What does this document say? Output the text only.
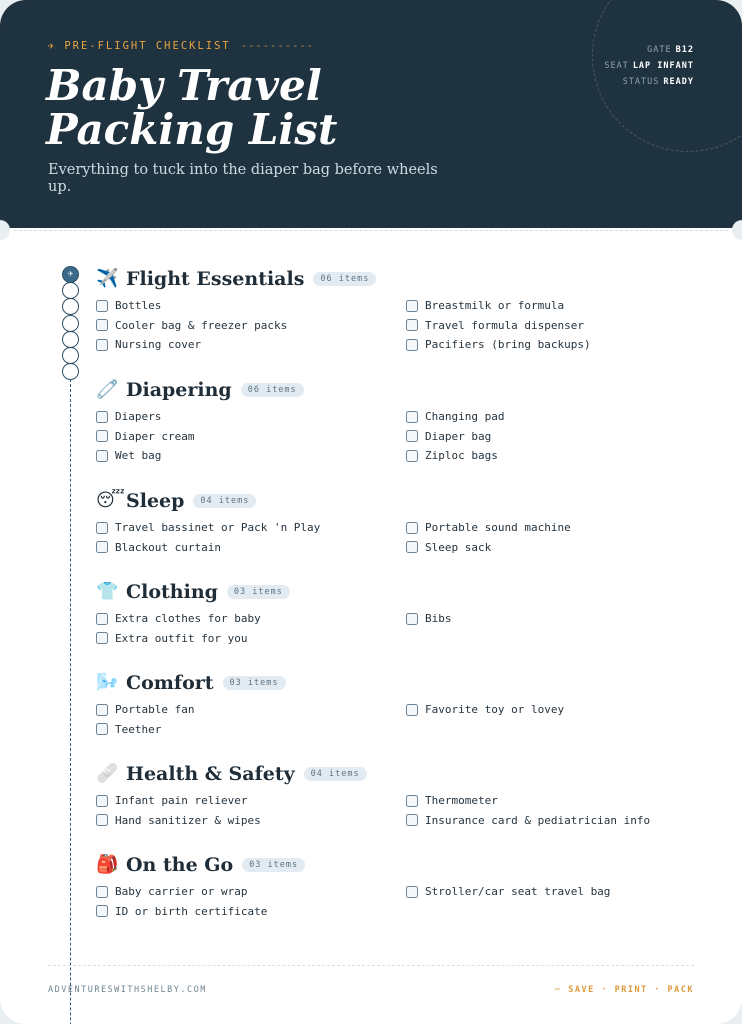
✈ PRE-FLIGHT CHECKLIST ----------
Baby Travel
Packing List
Everything to tuck into the diaper bag before wheels up.
GATE B12
SEAT LAP INFANT
STATUS READY
✈	✈️ Flight Essentials	06 items
Bottles	Breastmilk or formula
Cooler bag & freezer packs	Travel formula dispenser
Nursing cover	Pacifiers (bring backups)
🧷 Diapering	06 items
Diapers	Changing pad
Diaper cream	Diaper bag
Wet bag	Ziploc bags
😴 Sleep	04 items
Travel bassinet or Pack 'n Play	Portable sound machine
Blackout curtain	Sleep sack
👕 Clothing	03 items
Extra clothes for baby	Bibs
Extra outfit for you
🌬️ Comfort	03 items
Portable fan	Favorite toy or lovey
Teether
🩹 Health & Safety	04 items
Infant pain reliever	Thermometer
Hand sanitizer & wipes	Insurance card & pediatrician info
🎒 On the Go	03 items
Baby carrier or wrap	Stroller/car seat travel bag
ID or birth certificate
ADVENTURESWITHSHELBY.COM	✂ SAVE · PRINT · PACK
